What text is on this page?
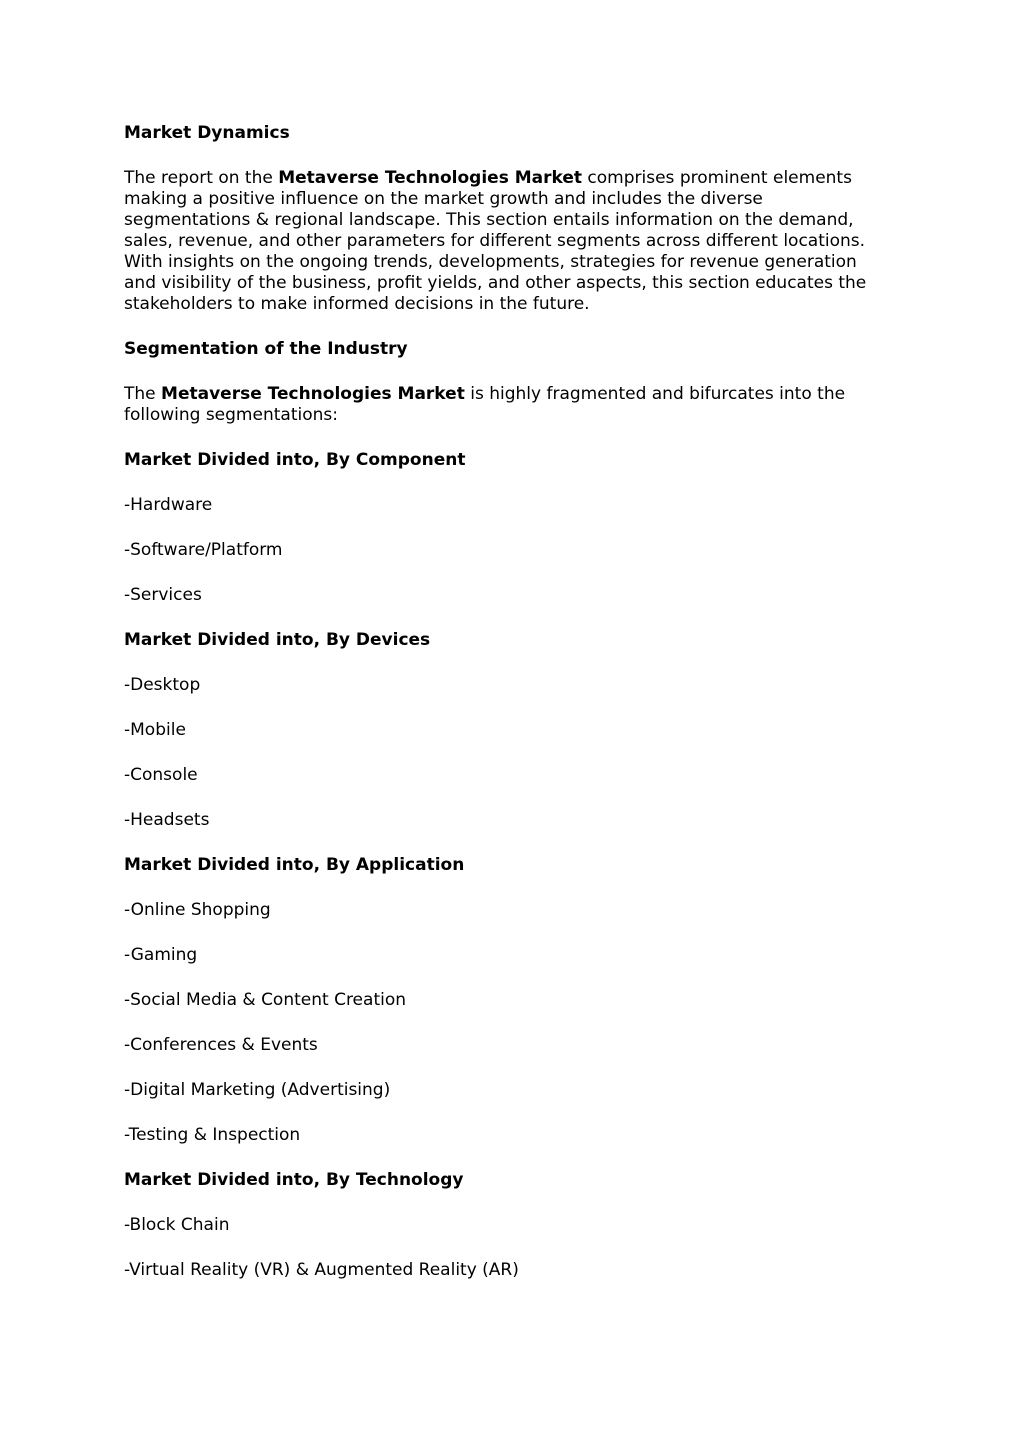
Market Dynamics

The report on the Metaverse Technologies Market comprises prominent elements making a positive influence on the market growth and includes the diverse segmentations & regional landscape. This section entails information on the demand, sales, revenue, and other parameters for different segments across different locations. With insights on the ongoing trends, developments, strategies for revenue generation and visibility of the business, profit yields, and other aspects, this section educates the stakeholders to make informed decisions in the future.

Segmentation of the Industry

The Metaverse Technologies Market is highly fragmented and bifurcates into the following segmentations:

Market Divided into, By Component

-Hardware

-Software/Platform

-Services

Market Divided into, By Devices

-Desktop

-Mobile

-Console

-Headsets

Market Divided into, By Application

-Online Shopping

-Gaming

-Social Media & Content Creation

-Conferences & Events

-Digital Marketing (Advertising)

-Testing & Inspection

Market Divided into, By Technology

-Block Chain

-Virtual Reality (VR) & Augmented Reality (AR)
